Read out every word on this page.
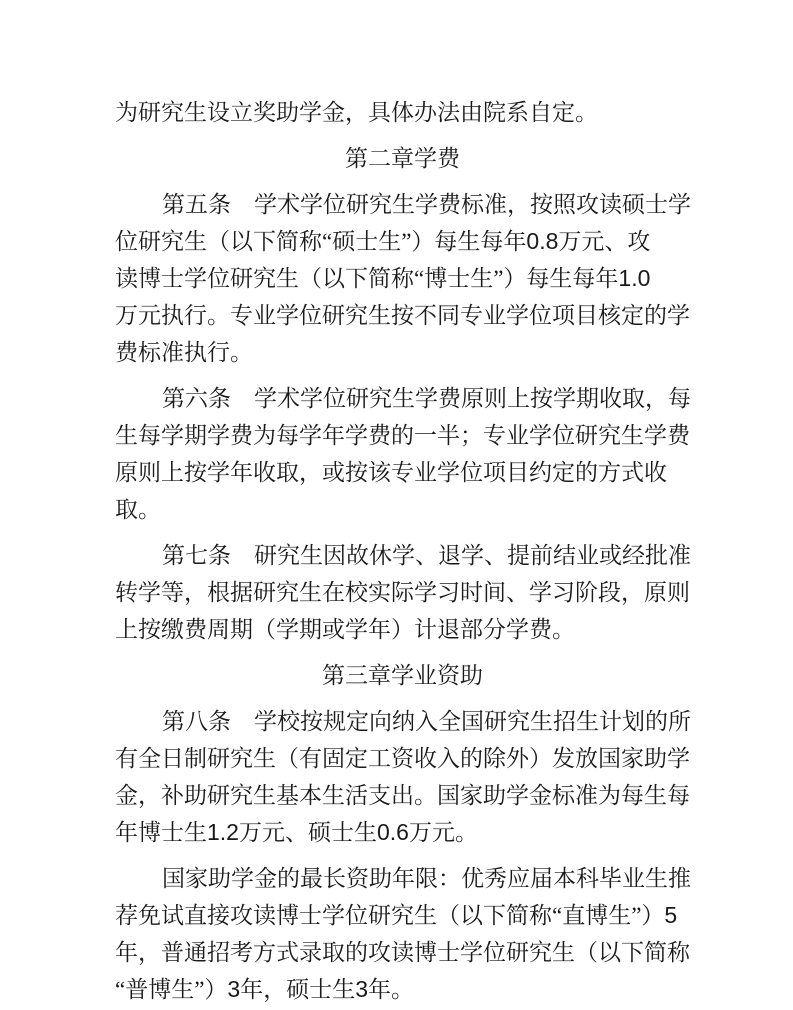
为研究生设立奖助学金，具体办法由院系自定。
第二章学费
第五条　学术学位研究生学费标准，按照攻读硕士学
位研究生（以下简称“硕士生”）每生每年0.8万元、攻
读博士学位研究生（以下简称“博士生”）每生每年1.0
万元执行。专业学位研究生按不同专业学位项目核定的学
费标准执行。
第六条　学术学位研究生学费原则上按学期收取，每
生每学期学费为每学年学费的一半；专业学位研究生学费
原则上按学年收取，或按该专业学位项目约定的方式收
取。
第七条　研究生因故休学、退学、提前结业或经批准
转学等，根据研究生在校实际学习时间、学习阶段，原则
上按缴费周期（学期或学年）计退部分学费。
第三章学业资助
第八条　学校按规定向纳入全国研究生招生计划的所
有全日制研究生（有固定工资收入的除外）发放国家助学
金，补助研究生基本生活支出。国家助学金标准为每生每
年博士生1.2万元、硕士生0.6万元。
国家助学金的最长资助年限：优秀应届本科毕业生推
荐免试直接攻读博士学位研究生（以下简称“直博生”）5
年，普通招考方式录取的攻读博士学位研究生（以下简称
“普博生”）3年，硕士生3年。
